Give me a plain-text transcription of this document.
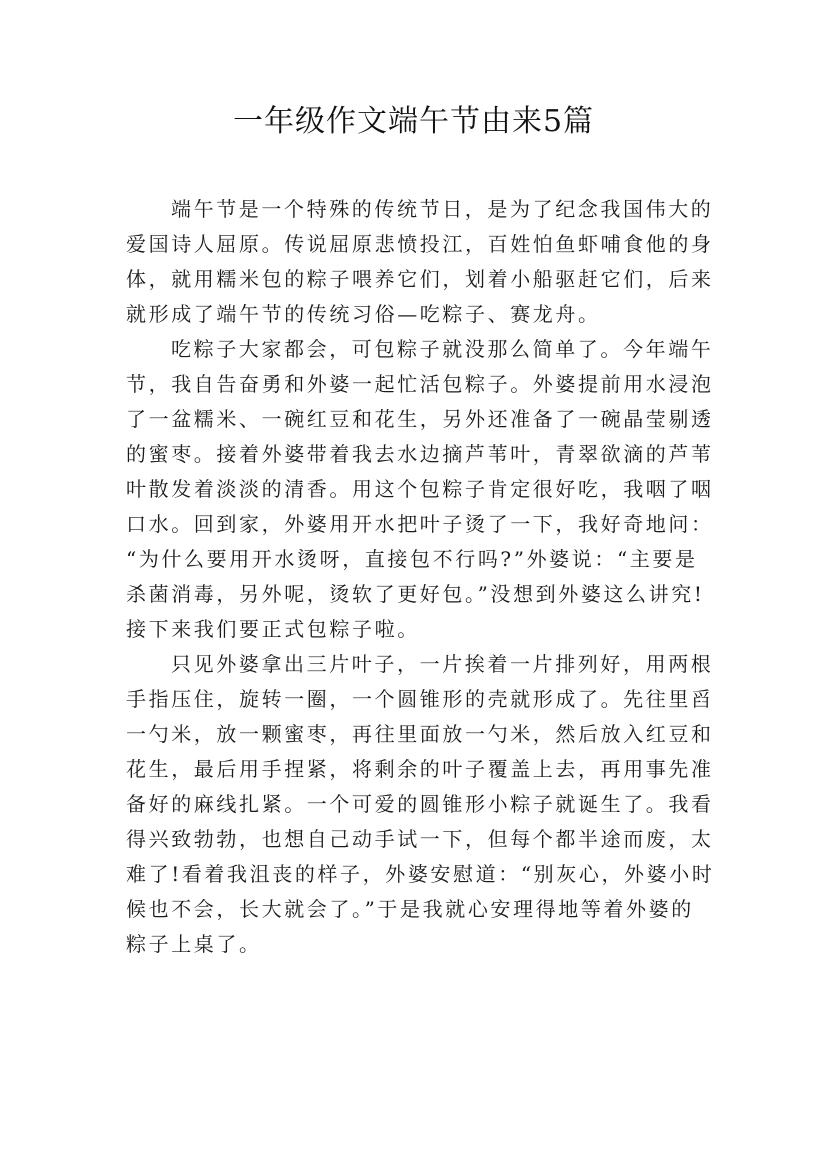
一年级作文端午节由来5篇
端午节是一个特殊的传统节日，是为了纪念我国伟大的
爱国诗人屈原。传说屈原悲愤投江，百姓怕鱼虾哺食他的身
体，就用糯米包的粽子喂养它们，划着小船驱赶它们，后来
就形成了端午节的传统习俗—吃粽子、赛龙舟。
吃粽子大家都会，可包粽子就没那么简单了。今年端午
节，我自告奋勇和外婆一起忙活包粽子。外婆提前用水浸泡
了一盆糯米、一碗红豆和花生，另外还准备了一碗晶莹剔透
的蜜枣。接着外婆带着我去水边摘芦苇叶，青翠欲滴的芦苇
叶散发着淡淡的清香。用这个包粽子肯定很好吃，我咽了咽
口水。回到家，外婆用开水把叶子烫了一下，我好奇地问：
“为什么要用开水烫呀，直接包不行吗?”外婆说：“主要是
杀菌消毒，另外呢，烫软了更好包。”没想到外婆这么讲究!
接下来我们要正式包粽子啦。
只见外婆拿出三片叶子，一片挨着一片排列好，用两根
手指压住，旋转一圈，一个圆锥形的壳就形成了。先往里舀
一勺米，放一颗蜜枣，再往里面放一勺米，然后放入红豆和
花生，最后用手捏紧，将剩余的叶子覆盖上去，再用事先准
备好的麻线扎紧。一个可爱的圆锥形小粽子就诞生了。我看
得兴致勃勃，也想自己动手试一下，但每个都半途而废，太
难了!看着我沮丧的样子，外婆安慰道：“别灰心，外婆小时
候也不会，长大就会了。”于是我就心安理得地等着外婆的
粽子上桌了。
